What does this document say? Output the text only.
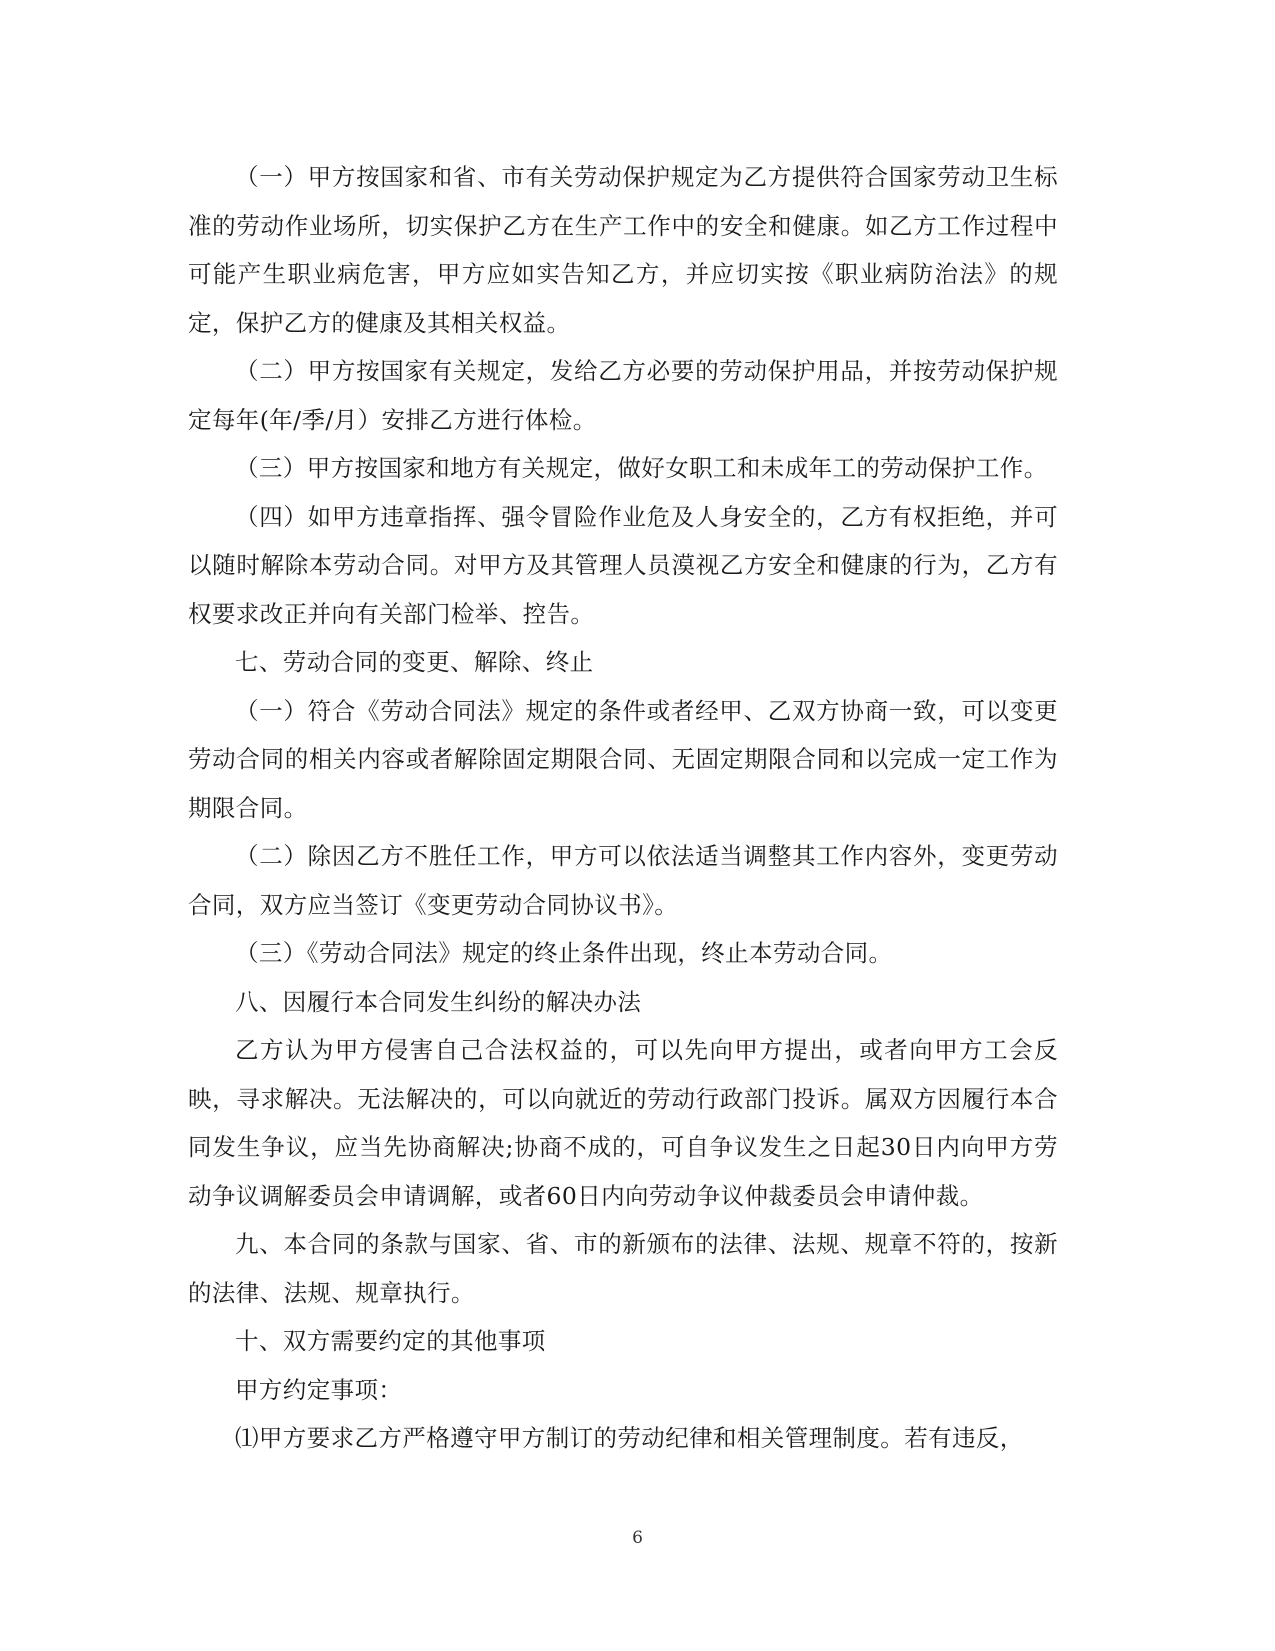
（一）甲方按国家和省、市有关劳动保护规定为乙方提供符合国家劳动卫生标准的劳动作业场所，切实保护乙方在生产工作中的安全和健康。如乙方工作过程中可能产生职业病危害，甲方应如实告知乙方，并应切实按《职业病防治法》的规定，保护乙方的健康及其相关权益。

（二）甲方按国家有关规定，发给乙方必要的劳动保护用品，并按劳动保护规定每年(年/季/月）安排乙方进行体检。

（三）甲方按国家和地方有关规定，做好女职工和未成年工的劳动保护工作。

（四）如甲方违章指挥、强令冒险作业危及人身安全的，乙方有权拒绝，并可以随时解除本劳动合同。对甲方及其管理人员漠视乙方安全和健康的行为，乙方有权要求改正并向有关部门检举、控告。

七、劳动合同的变更、解除、终止

（一）符合《劳动合同法》规定的条件或者经甲、乙双方协商一致，可以变更劳动合同的相关内容或者解除固定期限合同、无固定期限合同和以完成一定工作为期限合同。

（二）除因乙方不胜任工作，甲方可以依法适当调整其工作内容外，变更劳动合同，双方应当签订《变更劳动合同协议书》。

（三）《劳动合同法》规定的终止条件出现，终止本劳动合同。

八、因履行本合同发生纠纷的解决办法

乙方认为甲方侵害自己合法权益的，可以先向甲方提出，或者向甲方工会反映，寻求解决。无法解决的，可以向就近的劳动行政部门投诉。属双方因履行本合同发生争议，应当先协商解决;协商不成的，可自争议发生之日起30日内向甲方劳动争议调解委员会申请调解，或者60日内向劳动争议仲裁委员会申请仲裁。

九、本合同的条款与国家、省、市的新颁布的法律、法规、规章不符的，按新的法律、法规、规章执行。

十、双方需要约定的其他事项

甲方约定事项：

⑴甲方要求乙方严格遵守甲方制订的劳动纪律和相关管理制度。若有违反，

6
